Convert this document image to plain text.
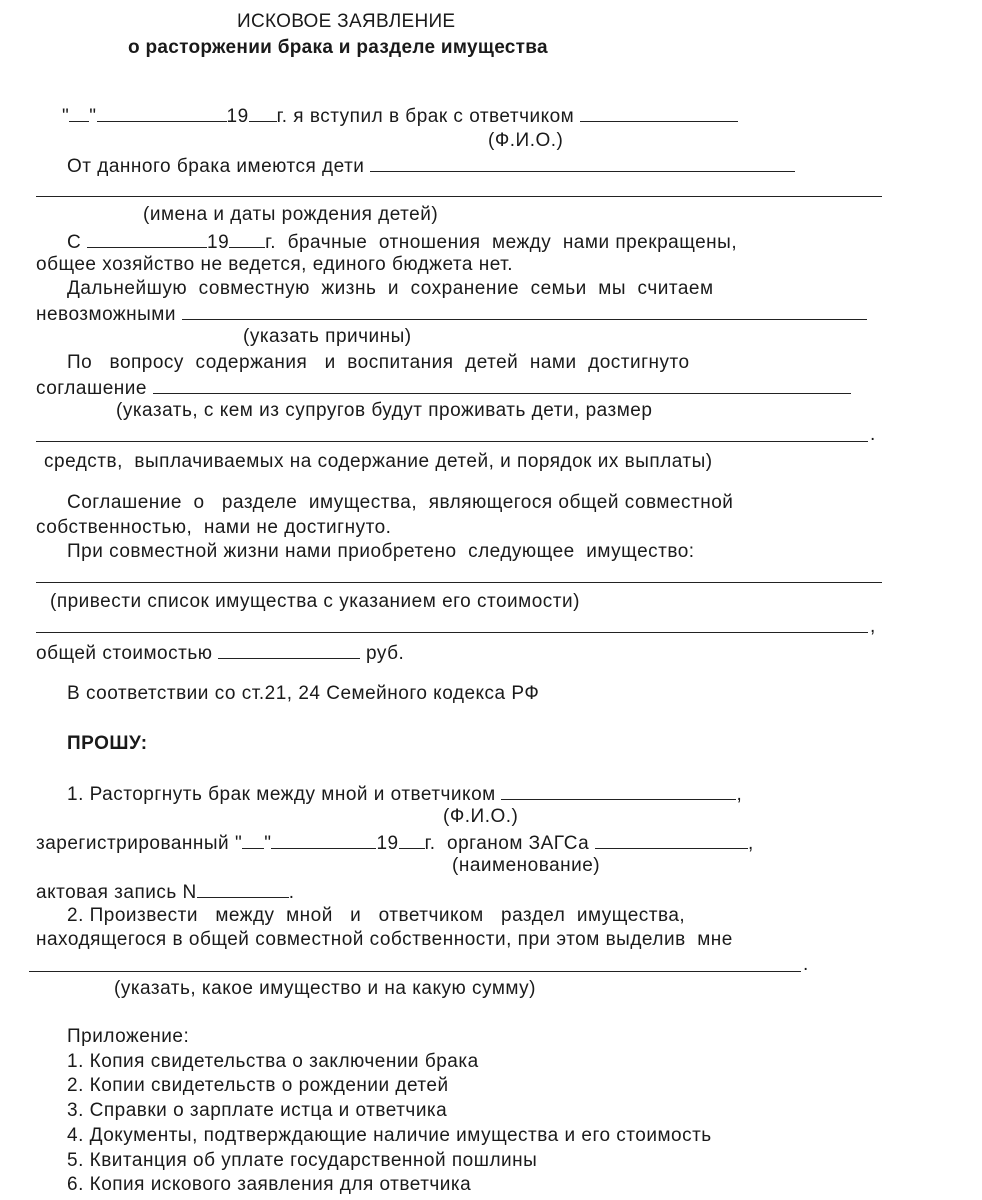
ИСКОВОЕ ЗАЯВЛЕНИЕ
о расторжении брака и разделе имущества
" "	19 г. я вступил в брак с ответчиком
(Ф.И.О.)
От данного брака имеются дети
(имена и даты рождения детей)
С	19 г.  брачные  отношения  между  нами прекращены,
общее хозяйство не ведется, единого бюджета нет.
Дальнейшую  совместную  жизнь  и  сохранение  семьи  мы  считаем
невозможными
(указать причины)
По   вопросу  содержания   и  воспитания  детей  нами  достигнуто
соглашение
(указать, с кем из супругов будут проживать дети, размер
.
средств,  выплачиваемых на содержание детей, и порядок их выплаты)
Соглашение  о   разделе  имущества,  являющегося общей совместной
собственностью,  нами не достигнуто.
При совместной жизни нами приобретено  следующее  имущество:
(привести список имущества с указанием его стоимости)
,
общей стоимостью	руб.
В соответствии со ст.21, 24 Семейного кодекса РФ
ПРОШУ:
1. Расторгнуть брак между мной и ответчиком	,
(Ф.И.О.)
зарегистрированный " "	19 г.  органом ЗАГСа	,
(наименование)
актовая запись N	.
2. Произвести   между  мной   и   ответчиком   раздел  имущества,
находящегося в общей совместной собственности, при этом выделив  мне
.
(указать, какое имущество и на какую сумму)
Приложение:
1. Копия свидетельства о заключении брака
2. Копии свидетельств о рождении детей
3. Справки о зарплате истца и ответчика
4. Документы, подтверждающие наличие имущества и его стоимость
5. Квитанция об уплате государственной пошлины
6. Копия искового заявления для ответчика
